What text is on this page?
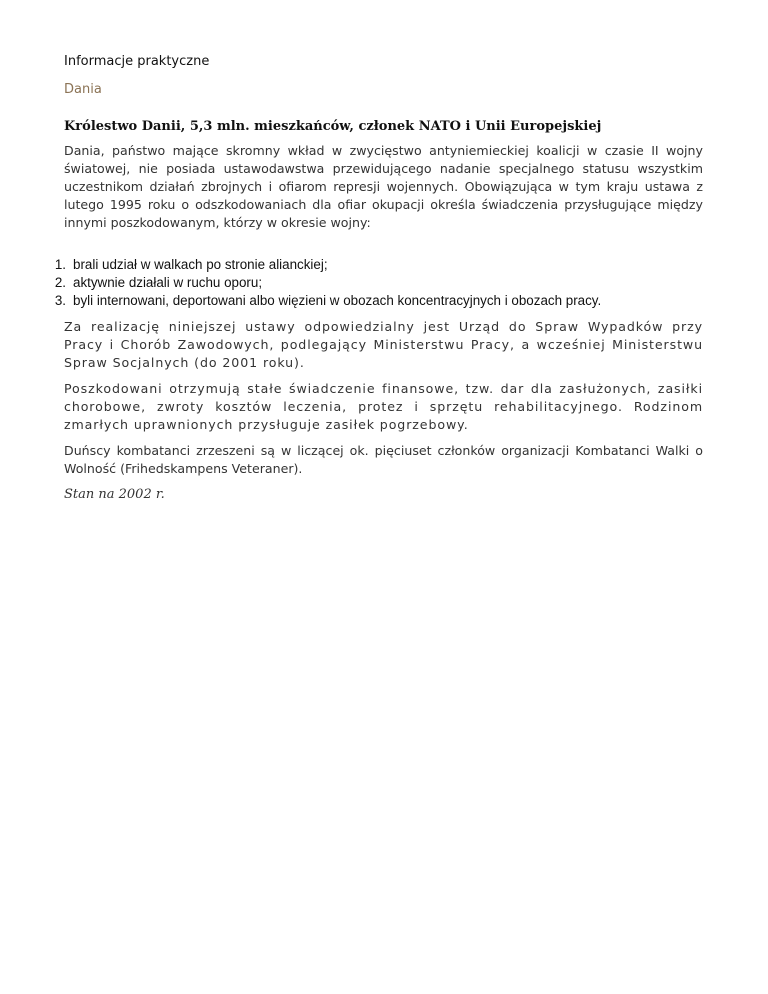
Informacje praktyczne

Dania

Królestwo Danii, 5,3 mln. mieszkańców, członek NATO i Unii Europejskiej

Dania, państwo mające skromny wkład w zwycięstwo antyniemieckiej koalicji w czasie II wojny światowej, nie posiada ustawodawstwa przewidującego nadanie specjalnego statusu wszystkim uczestnikom działań zbrojnych i ofiarom represji wojennych. Obowiązująca w tym kraju ustawa z lutego 1995 roku o odszkodowaniach dla ofiar okupacji określa świadczenia przysługujące między innymi poszkodowanym, którzy w okresie wojny:

1. brali udział w walkach po stronie alianckiej;
2. aktywnie działali w ruchu oporu;
3. byli internowani, deportowani albo więzieni w obozach koncentracyjnych i obozach pracy.

Za realizację niniejszej ustawy odpowiedzialny jest Urząd do Spraw Wypadków przy Pracy i Chorób Zawodowych, podlegający Ministerstwu Pracy, a wcześniej Ministerstwu Spraw Socjalnych (do 2001 roku).

Poszkodowani otrzymują stałe świadczenie finansowe, tzw. dar dla zasłużonych, zasiłki chorobowe, zwroty kosztów leczenia, protez i sprzętu rehabilitacyjnego. Rodzinom zmarłych uprawnionych przysługuje zasiłek pogrzebowy.

Duńscy kombatanci zrzeszeni są w liczącej ok. pięciuset członków organizacji Kombatanci Walki o Wolność (Frihedskampens Veteraner).

Stan na 2002 r.
